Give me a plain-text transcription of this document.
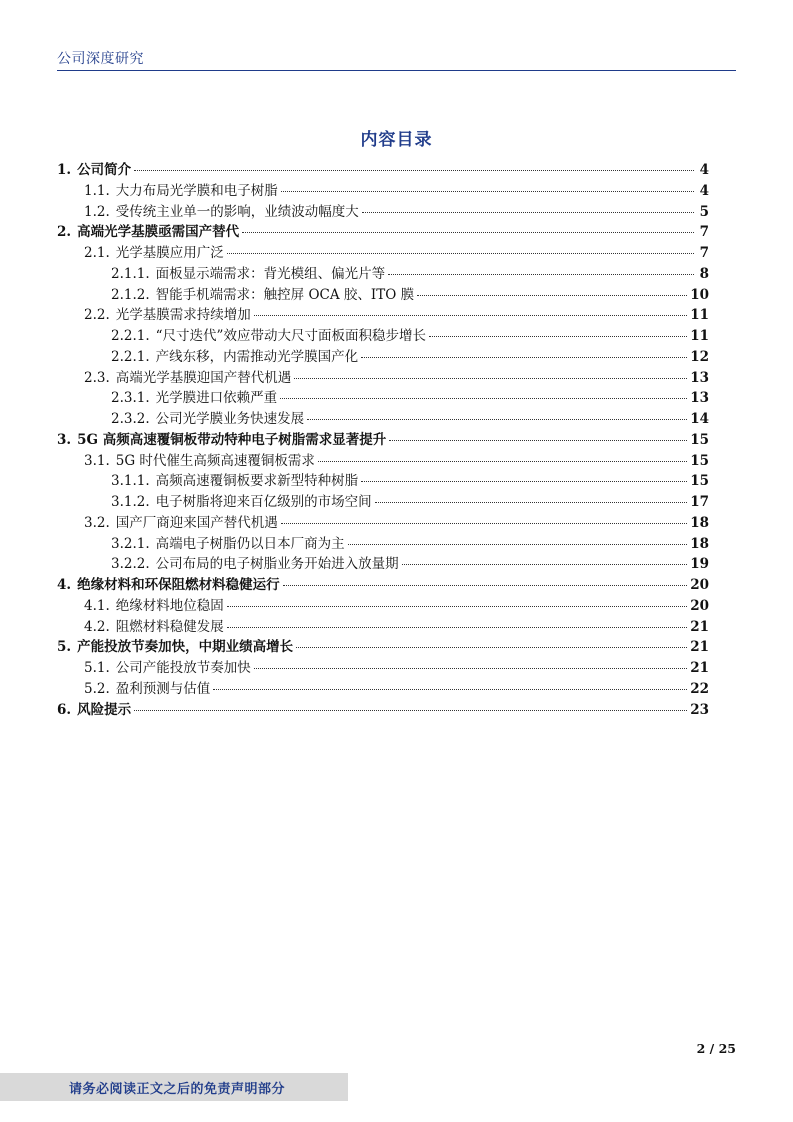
公司深度研究
内容目录
1. 公司简介	4
1.1. 大力布局光学膜和电子树脂	4
1.2. 受传统主业单一的影响，业绩波动幅度大	5
2. 高端光学基膜亟需国产替代	7
2.1. 光学基膜应用广泛	7
2.1.1. 面板显示端需求：背光模组、偏光片等	8
2.1.2. 智能手机端需求：触控屏 OCA 胶、ITO 膜	10
2.2. 光学基膜需求持续增加	11
2.2.1. “尺寸迭代”效应带动大尺寸面板面积稳步增长	11
2.2.1. 产线东移，内需推动光学膜国产化	12
2.3. 高端光学基膜迎国产替代机遇	13
2.3.1. 光学膜进口依赖严重	13
2.3.2. 公司光学膜业务快速发展	14
3. 5G 高频高速覆铜板带动特种电子树脂需求显著提升	15
3.1. 5G 时代催生高频高速覆铜板需求	15
3.1.1. 高频高速覆铜板要求新型特种树脂	15
3.1.2. 电子树脂将迎来百亿级别的市场空间	17
3.2. 国产厂商迎来国产替代机遇	18
3.2.1. 高端电子树脂仍以日本厂商为主	18
3.2.2. 公司布局的电子树脂业务开始进入放量期	19
4. 绝缘材料和环保阻燃材料稳健运行	20
4.1. 绝缘材料地位稳固	20
4.2. 阻燃材料稳健发展	21
5. 产能投放节奏加快，中期业绩高增长	21
5.1. 公司产能投放节奏加快	21
5.2. 盈利预测与估值	22
6. 风险提示	23
2 / 25
请务必阅读正文之后的免责声明部分
